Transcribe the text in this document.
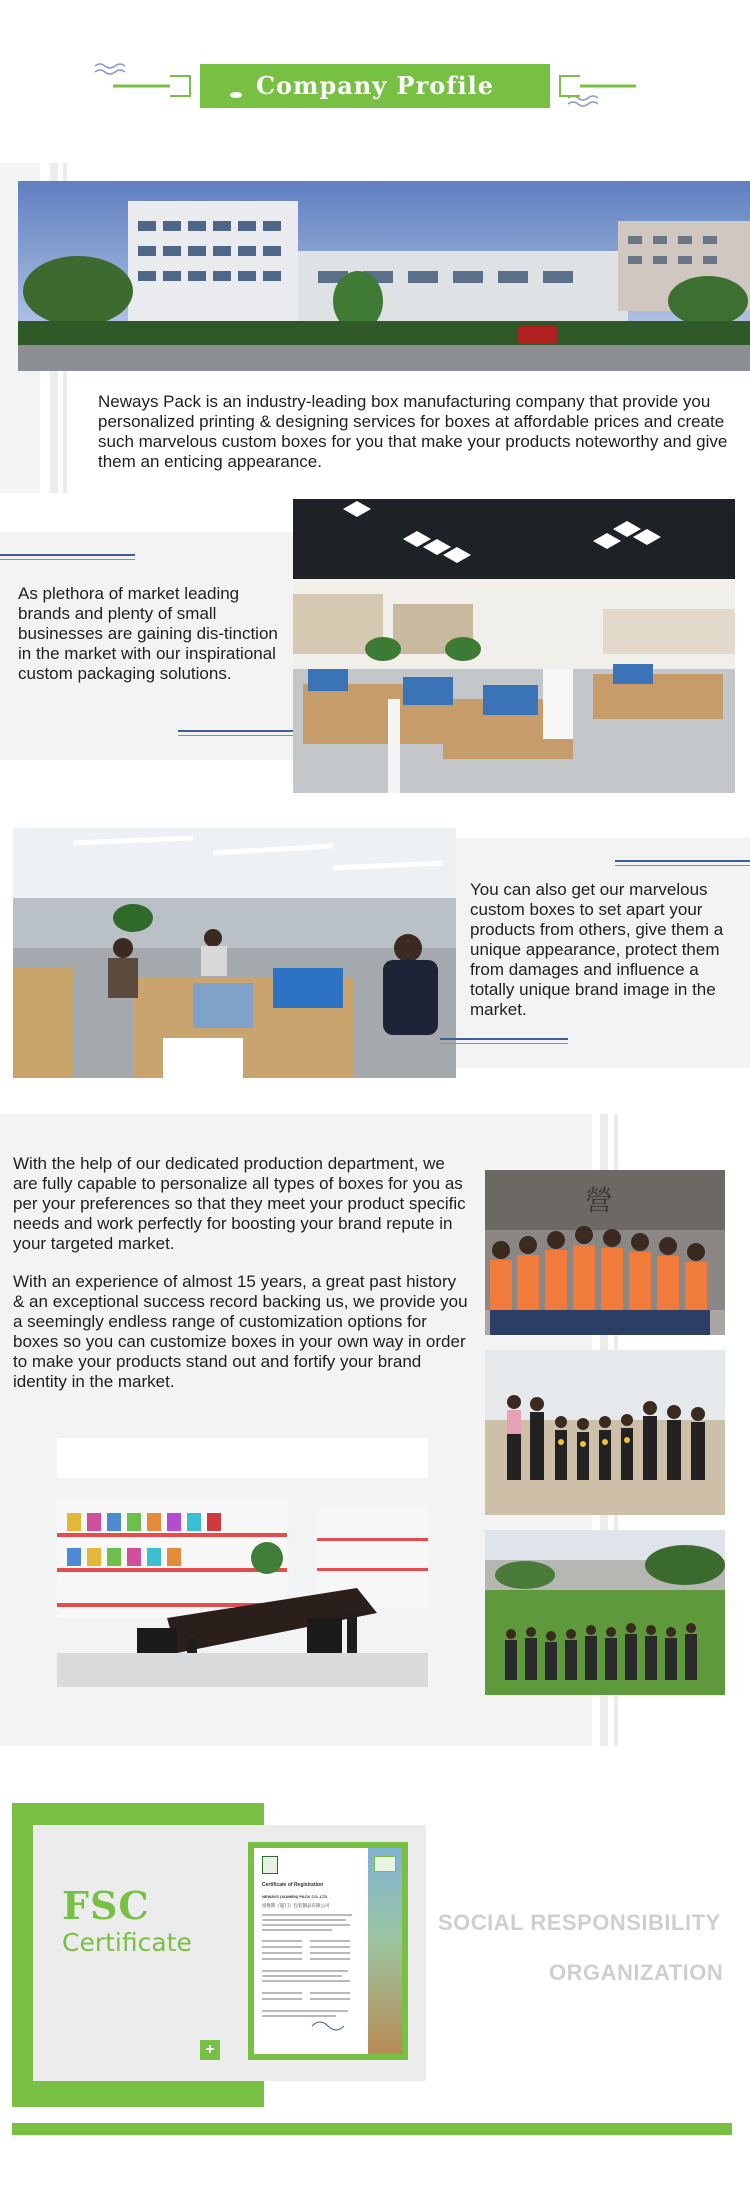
Company Profile
Neways Pack is an industry-leading box manufacturing company that provide you personalized printing & designing services for boxes at affordable prices and create such marvelous custom boxes for you that make your products noteworthy and give them an enticing appearance.
As plethora of market leading brands and plenty of small businesses are gaining dis-tinction in the market with our inspirational custom packaging solutions.
You can also get our marvelous custom boxes to set apart your products from others, give them a unique appearance, protect them from damages and influence a totally unique brand image in the market.
With the help of our dedicated production department, we are fully capable to personalize all types of boxes for you as per your preferences so that they meet your product specific needs and work perfectly for boosting your brand repute in your targeted market.
With an experience of almost 15 years, a great past history & an exceptional success record backing us, we provide you a seemingly endless range of customization options for boxes so you can customize boxes in your own way in order to make your products stand out and fortify your brand identity in the market.
營
FSC
Certificate
+
Certificate of Registration
NEWAYS (XIAMEN) PACK CO.,LTD
纽维斯（厦门）包装制品有限公司
SOCIAL RESPONSIBILITY
ORGANIZATION
